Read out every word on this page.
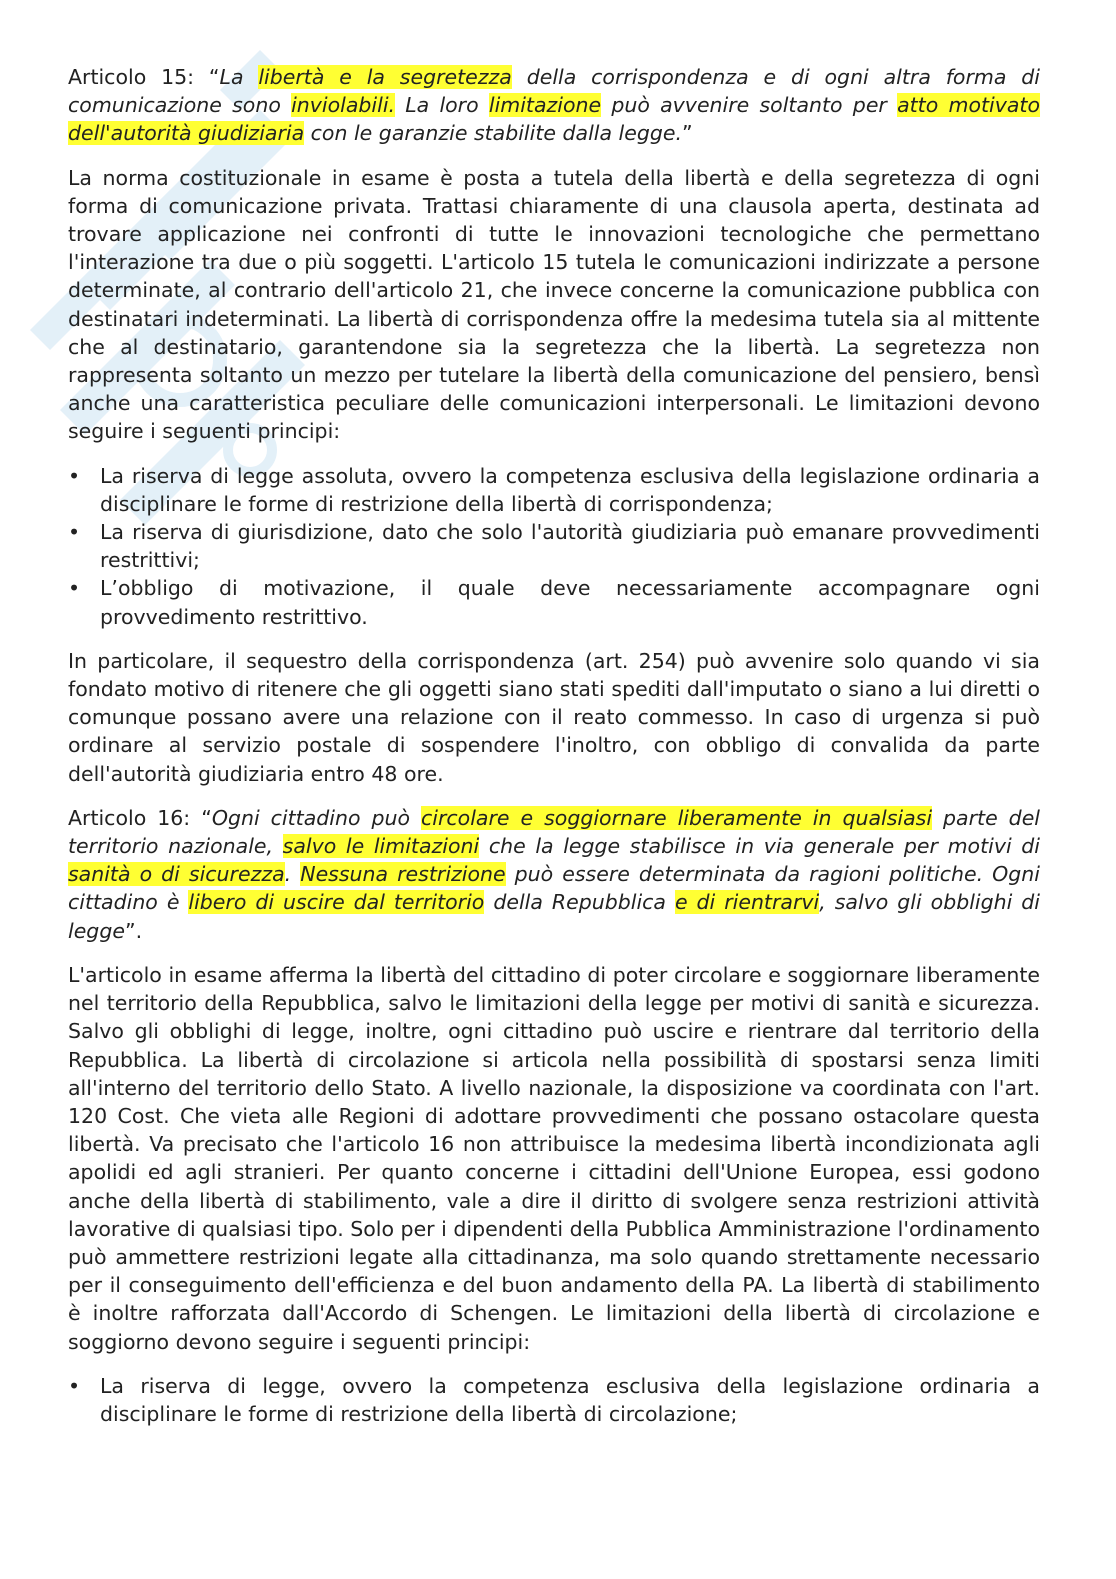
Articolo 15: “La libertà e la segretezza della corrispondenza e di ogni altra forma di comunicazione sono inviolabili. La loro limitazione può avvenire soltanto per atto motivato dell'autorità giudiziaria con le garanzie stabilite dalla legge.”

La norma costituzionale in esame è posta a tutela della libertà e della segretezza di ogni forma di comunicazione privata. Trattasi chiaramente di una clausola aperta, destinata ad trovare applicazione nei confronti di tutte le innovazioni tecnologiche che permettano l'interazione tra due o più soggetti. L'articolo 15 tutela le comunicazioni indirizzate a persone determinate, al contrario dell'articolo 21, che invece concerne la comunicazione pubblica con destinatari indeterminati. La libertà di corrispondenza offre la medesima tutela sia al mittente che al destinatario, garantendone sia la segretezza che la libertà. La segretezza non rappresenta soltanto un mezzo per tutelare la libertà della comunicazione del pensiero, bensì anche una caratteristica peculiare delle comunicazioni interpersonali. Le limitazioni devono seguire i seguenti principi:

• La riserva di legge assoluta, ovvero la competenza esclusiva della legislazione ordinaria a disciplinare le forme di restrizione della libertà di corrispondenza;
• La riserva di giurisdizione, dato che solo l'autorità giudiziaria può emanare provvedimenti restrittivi;
• L’obbligo di motivazione, il quale deve necessariamente accompagnare ogni provvedimento restrittivo.

In particolare, il sequestro della corrispondenza (art. 254) può avvenire solo quando vi sia fondato motivo di ritenere che gli oggetti siano stati spediti dall'imputato o siano a lui diretti o comunque possano avere una relazione con il reato commesso. In caso di urgenza si può ordinare al servizio postale di sospendere l'inoltro, con obbligo di convalida da parte dell'autorità giudiziaria entro 48 ore.

Articolo 16: “Ogni cittadino può circolare e soggiornare liberamente in qualsiasi parte del territorio nazionale, salvo le limitazioni che la legge stabilisce in via generale per motivi di sanità o di sicurezza. Nessuna restrizione può essere determinata da ragioni politiche. Ogni cittadino è libero di uscire dal territorio della Repubblica e di rientrarvi, salvo gli obblighi di legge”.

L'articolo in esame afferma la libertà del cittadino di poter circolare e soggiornare liberamente nel territorio della Repubblica, salvo le limitazioni della legge per motivi di sanità e sicurezza. Salvo gli obblighi di legge, inoltre, ogni cittadino può uscire e rientrare dal territorio della Repubblica. La libertà di circolazione si articola nella possibilità di spostarsi senza limiti all'interno del territorio dello Stato. A livello nazionale, la disposizione va coordinata con l'art. 120 Cost. Che vieta alle Regioni di adottare provvedimenti che possano ostacolare questa libertà. Va precisato che l'articolo 16 non attribuisce la medesima libertà incondizionata agli apolidi ed agli stranieri. Per quanto concerne i cittadini dell'Unione Europea, essi godono anche della libertà di stabilimento, vale a dire il diritto di svolgere senza restrizioni attività lavorative di qualsiasi tipo. Solo per i dipendenti della Pubblica Amministrazione l'ordinamento può ammettere restrizioni legate alla cittadinanza, ma solo quando strettamente necessario per il conseguimento dell'efficienza e del buon andamento della PA. La libertà di stabilimento è inoltre rafforzata dall'Accordo di Schengen. Le limitazioni della libertà di circolazione e soggiorno devono seguire i seguenti principi:

• La riserva di legge, ovvero la competenza esclusiva della legislazione ordinaria a disciplinare le forme di restrizione della libertà di circolazione;
